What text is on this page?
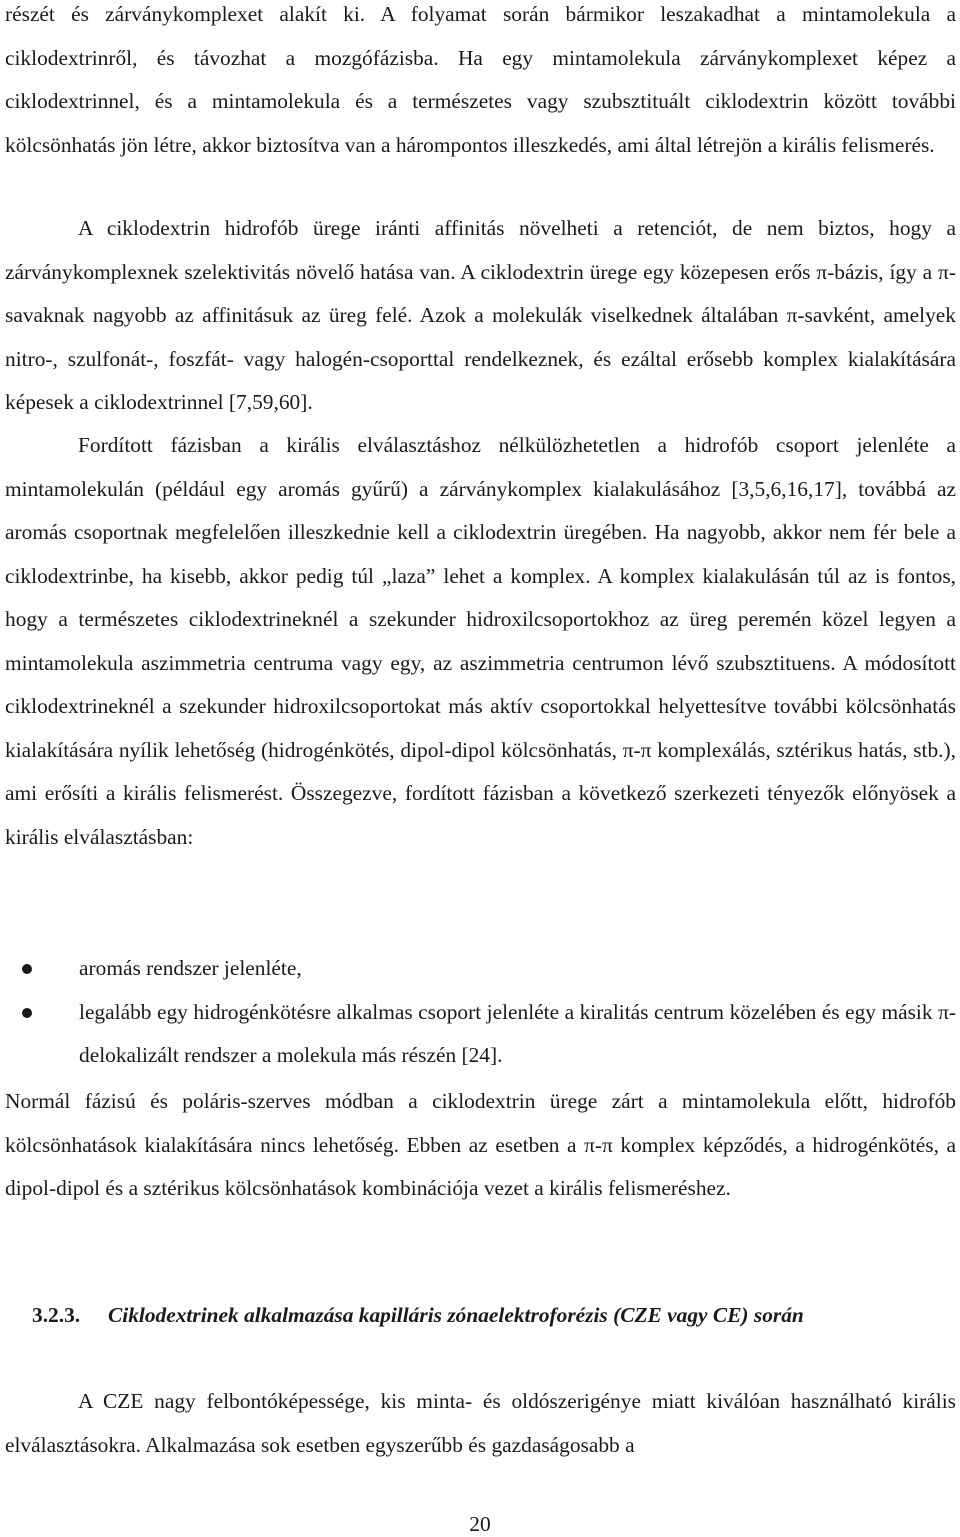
részét és zárványkomplexet alakít ki. A folyamat során bármikor leszakadhat a mintamolekula a ciklodextrinről, és távozhat a mozgófázisba. Ha egy mintamolekula zárványkomplexet képez a ciklodextrinnel, és a mintamolekula és a természetes vagy szubsztituált ciklodextrin között további kölcsönhatás jön létre, akkor biztosítva van a hárompontos illeszkedés, ami által létrejön a királis felismerés.

A ciklodextrin hidrofób ürege iránti affinitás növelheti a retenciót, de nem biztos, hogy a zárványkomplexnek szelektivitás növelő hatása van. A ciklodextrin ürege egy közepesen erős π-bázis, így a π-savaknak nagyobb az affinitásuk az üreg felé. Azok a molekulák viselkednek általában π-savként, amelyek nitro-, szulfonát-, foszfát- vagy halogén-csoporttal rendelkeznek, és ezáltal erősebb komplex kialakítására képesek a ciklodextrinnel [7,59,60].

Fordított fázisban a királis elválasztáshoz nélkülözhetetlen a hidrofób csoport jelenléte a mintamolekulán (például egy aromás gyűrű) a zárványkomplex kialakulásához [3,5,6,16,17], továbbá az aromás csoportnak megfelelően illeszkednie kell a ciklodextrin üregében. Ha nagyobb, akkor nem fér bele a ciklodextrinbe, ha kisebb, akkor pedig túl „laza” lehet a komplex. A komplex kialakulásán túl az is fontos, hogy a természetes ciklodextrineknél a szekunder hidroxilcsoportokhoz az üreg peremén közel legyen a mintamolekula aszimmetria centruma vagy egy, az aszimmetria centrumon lévő szubsztituens. A módosított ciklodextrineknél a szekunder hidroxilcsoportokat más aktív csoportokkal helyettesítve további kölcsönhatás kialakítására nyílik lehetőség (hidrogénkötés, dipol-dipol kölcsönhatás, π-π komplexálás, sztérikus hatás, stb.), ami erősíti a királis felismerést. Összegezve, fordított fázisban a következő szerkezeti tényezők előnyösek a királis elválasztásban:

aromás rendszer jelenléte,
legalább egy hidrogénkötésre alkalmas csoport jelenléte a kiralitás centrum közelében és egy másik π-delokalizált rendszer a molekula más részén [24].

Normál fázisú és poláris-szerves módban a ciklodextrin ürege zárt a mintamolekula előtt, hidrofób kölcsönhatások kialakítására nincs lehetőség. Ebben az esetben a π-π komplex képződés, a hidrogénkötés, a dipol-dipol és a sztérikus kölcsönhatások kombinációja vezet a királis felismeréshez.

3.2.3. Ciklodextrinek alkalmazása kapilláris zónaelektroforézis (CZE vagy CE) során

A CZE nagy felbontóképessége, kis minta- és oldószerigénye miatt kiválóan használható királis elválasztásokra. Alkalmazása sok esetben egyszerűbb és gazdaságosabb a

20
